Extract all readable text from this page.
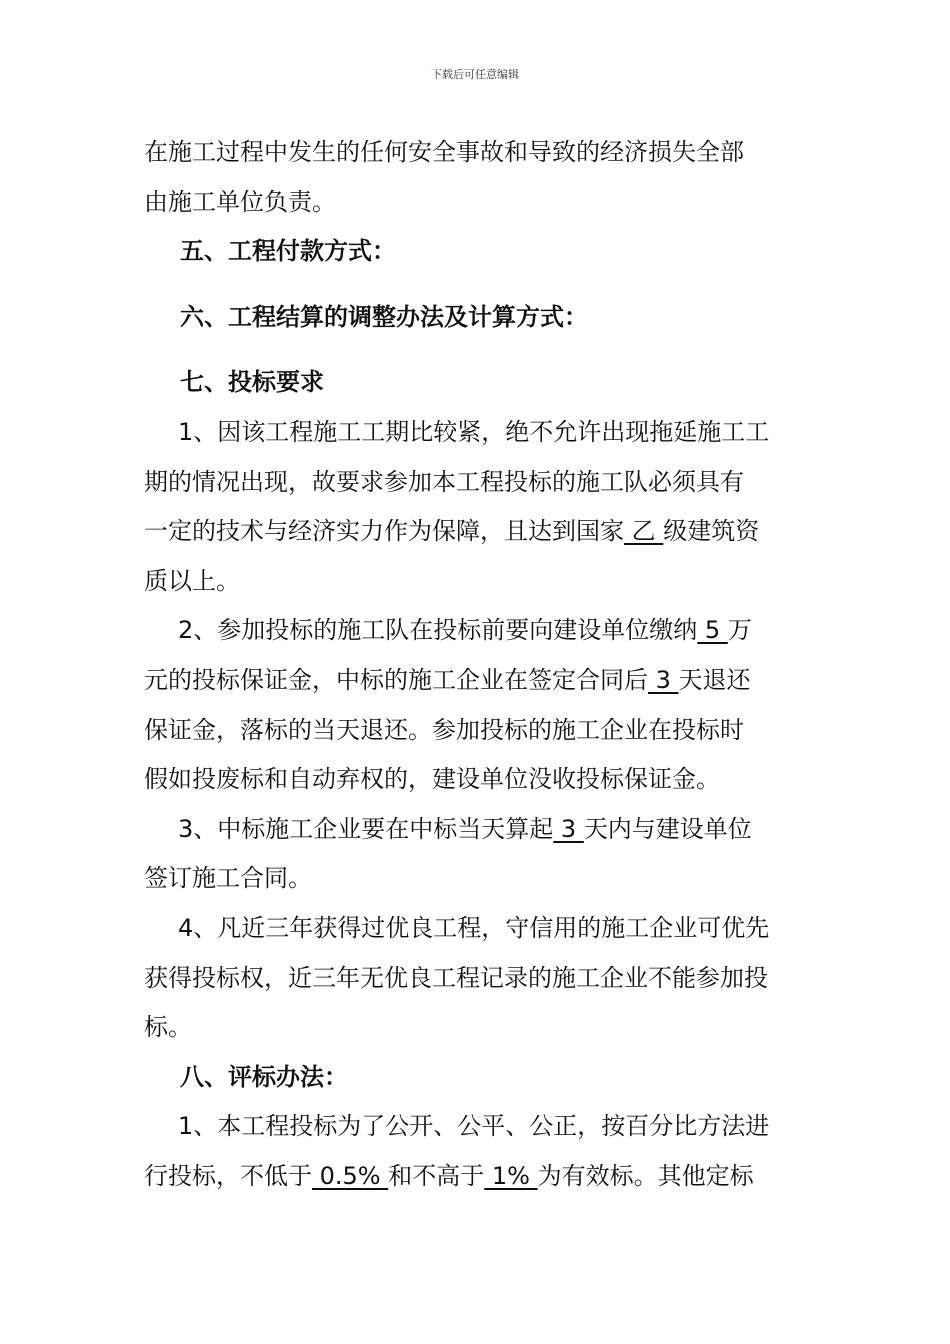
下载后可任意编辑
在施工过程中发生的任何安全事故和导致的经济损失全部
由施工单位负责。
五、工程付款方式：
六、工程结算的调整办法及计算方式：
七、投标要求
1、因该工程施工工期比较紧，绝不允许出现拖延施工工
期的情况出现，故要求参加本工程投标的施工队必须具有
一定的技术与经济实力作为保障，且达到国家 乙 级建筑资
质以上。
2、参加投标的施工队在投标前要向建设单位缴纳 5 万
元的投标保证金，中标的施工企业在签定合同后 3 天退还
保证金，落标的当天退还。参加投标的施工企业在投标时
假如投废标和自动弃权的，建设单位没收投标保证金。
3、中标施工企业要在中标当天算起 3 天内与建设单位
签订施工合同。
4、凡近三年获得过优良工程，守信用的施工企业可优先
获得投标权，近三年无优良工程记录的施工企业不能参加投
标。
八、评标办法：
1、本工程投标为了公开、公平、公正，按百分比方法进
行投标，不低于 0.5% 和不高于 1% 为有效标。其他定标
